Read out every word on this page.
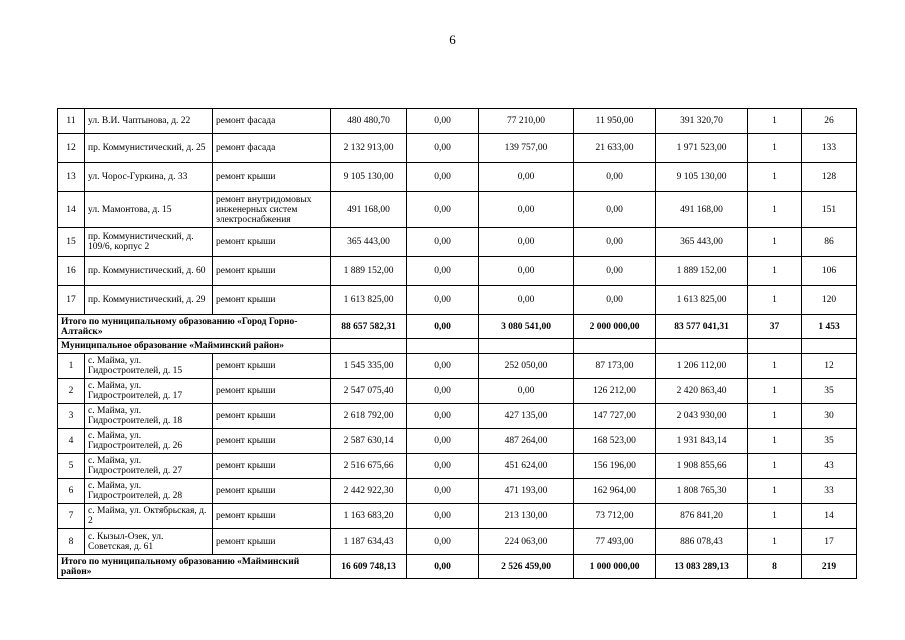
6
11	ул. В.И. Чаптынова, д. 22	ремонт фасада	480 480,70	0,00	77 210,00	11 950,00	391 320,70	1	26
12	пр. Коммунистический, д. 25	ремонт фасада	2 132 913,00	0,00	139 757,00	21 633,00	1 971 523,00	1	133
13	ул. Чорос-Гуркина, д. 33	ремонт крыши	9 105 130,00	0,00	0,00	0,00	9 105 130,00	1	128
14	ул. Мамонтова, д. 15	ремонт внутридомовых инженерных систем электроснабжения	491 168,00	0,00	0,00	0,00	491 168,00	1	151
15	пр. Коммунистический, д. 109/6, корпус 2	ремонт крыши	365 443,00	0,00	0,00	0,00	365 443,00	1	86
16	пр. Коммунистический, д. 60	ремонт крыши	1 889 152,00	0,00	0,00	0,00	1 889 152,00	1	106
17	пр. Коммунистический, д. 29	ремонт крыши	1 613 825,00	0,00	0,00	0,00	1 613 825,00	1	120
Итого по муниципальному образованию «Город Горно-Алтайск»			88 657 582,31	0,00	3 080 541,00	2 000 000,00	83 577 041,31	37	1 453
Муниципальное образование «Майминский район»									
1	с. Майма, ул. Гидростроителей, д. 15	ремонт крыши	1 545 335,00	0,00	252 050,00	87 173,00	1 206 112,00	1	12
2	с. Майма, ул. Гидростроителей, д. 17	ремонт крыши	2 547 075,40	0,00	0,00	126 212,00	2 420 863,40	1	35
3	с. Майма, ул. Гидростроителей, д. 18	ремонт крыши	2 618 792,00	0,00	427 135,00	147 727,00	2 043 930,00	1	30
4	с. Майма, ул. Гидростроителей, д. 26	ремонт крыши	2 587 630,14	0,00	487 264,00	168 523,00	1 931 843,14	1	35
5	с. Майма, ул. Гидростроителей, д. 27	ремонт крыши	2 516 675,66	0,00	451 624,00	156 196,00	1 908 855,66	1	43
6	с. Майма, ул. Гидростроителей, д. 28	ремонт крыши	2 442 922,30	0,00	471 193,00	162 964,00	1 808 765,30	1	33
7	с. Майма, ул. Октябрьская, д. 2	ремонт крыши	1 163 683,20	0,00	213 130,00	73 712,00	876 841,20	1	14
8	с. Кызыл-Озек, ул. Советская, д. 61	ремонт крыши	1 187 634,43	0,00	224 063,00	77 493,00	886 078,43	1	17
Итого по муниципальному образованию «Майминский район»			16 609 748,13	0,00	2 526 459,00	1 000 000,00	13 083 289,13	8	219
